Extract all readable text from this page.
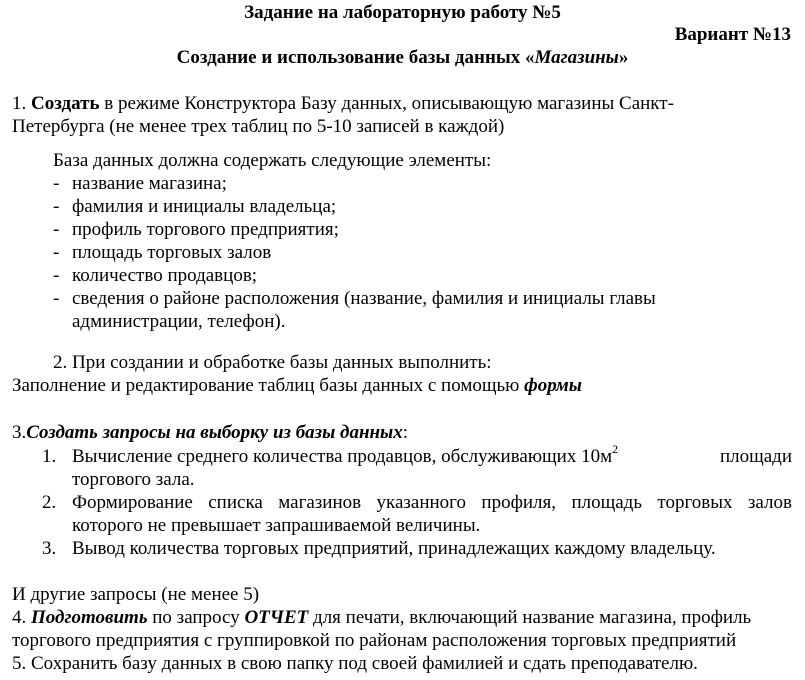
Задание на лабораторную работу №5
Вариант №13
Создание и использование базы данных «Магазины»
1. Создать в режиме Конструктора Базу данных, описывающую магазины Санкт-
Петербурга (не менее трех таблиц по 5-10 записей в каждой)
База данных должна содержать следующие элементы:
- название магазина;
- фамилия и инициалы владельца;
- профиль торгового предприятия;
- площадь торговых залов
- количество продавцов;
- сведения о районе расположения (название, фамилия и инициалы главы
администрации, телефон).
2. При создании и обработке базы данных выполнить:
Заполнение и редактирование таблиц базы данных с помощью формы
3.Создать запросы на выборку из базы данных:
1. Вычисление среднего количества продавцов, обслуживающих $10м^2$	площади
торгового зала.
2. Формирование списка магазинов указанного профиля, площадь торговых залов
которого не превышает запрашиваемой величины.
3. Вывод количества торговых предприятий, принадлежащих каждому владельцу.
И другие запросы (не менее 5)
4. Подготовить по запросу ОТЧЕТ для печати, включающий название магазина, профиль
торгового предприятия с группировкой по районам расположения торговых предприятий
5. Сохранить базу данных в свою папку под своей фамилией и сдать преподавателю.
